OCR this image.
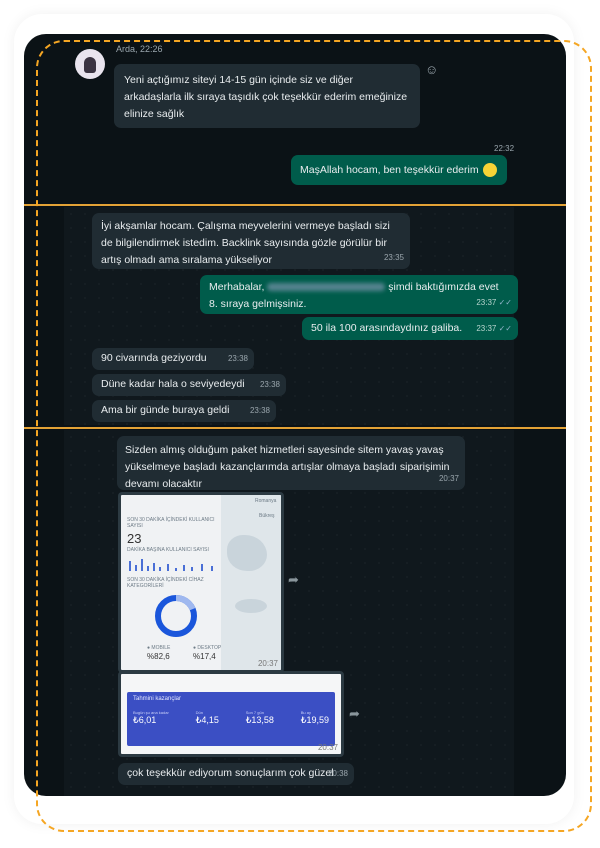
Arda, 22:26
Yeni açtığımız siteyi 14-15 gün içinde siz ve diğer arkadaşlarla ilk sıraya taşıdık çok teşekkür ederim emeğinize elinize sağlık
☺
22:32
MaşAllah hocam, ben teşekkür ederim
İyi akşamlar hocam. Çalışma meyvelerini vermeye başladı sizi de bilgilendirmek istedim. Backlink sayısında gözle görülür bir artış olmadı ama sıralama yükseliyor	23:35
Merhabalar,	şimdi baktığımızda evet 8. sıraya gelmişsiniz.	23:37 ✓✓
50 ila 100 arasındaydınız galiba. 23:37 ✓✓
90 civarında geziyordu	23:38
Düne kadar hala o seviyedeydi 23:38
Ama bir günde buraya geldi	23:38
Sizden almış olduğum paket hizmetleri sayesinde sitem yavaş yavaş yükselmeye başladı kazançlarımda artışlar olmaya başladı siparişimin devamı olacaktır	20:37
SON 30 DAKİKA İÇİNDEKİ KULLANICI SAYISI
23
DAKİKA BAŞINA KULLANICI SAYISI
SON 30 DAKİKA İÇİNDEKİ CİHAZ KATEGORİLERİ
● MOBILE
%82,6
● DESKTOP
%17,4
Romanya
Bükreş
20:37
➦
Tahmini kazançlar
Bugün şu ana kadar
₺6,01
Dün
₺4,15
Son 7 gün
₺13,58
Bu ay
₺19,59
20:37
➦
çok teşekkür ediyorum sonuçlarım çok güzel
20:38
